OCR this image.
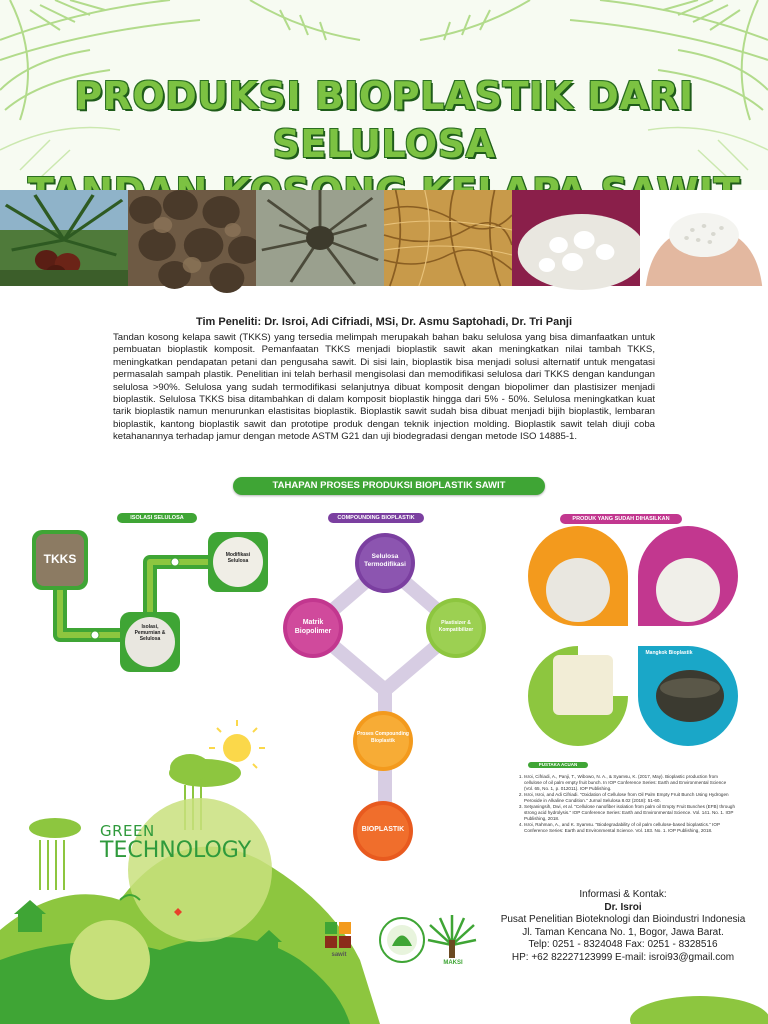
PRODUKSI BIOPLASTIK DARI SELULOSA
Tim Peneliti: Dr. Isroi, Adi Cifriadi, MSi, Dr. Asmu Saptohadi, Dr. Tri Panji
Tandan kosong kelapa sawit (TKKS) yang tersedia melimpah merupakah bahan baku selulosa yang bisa dimanfaatkan untuk pembuatan bioplastik komposit. Pemanfaatan TKKS menjadi bioplastik sawit akan meningkatkan nilai tambah TKKS, meningkatkan pendapatan petani dan pengusaha sawit. Di sisi lain, bioplastik bisa menjadi solusi alternatif untuk mengatasi permasalah sampah plastik. Penelitian ini telah berhasil mengisolasi dan memodifikasi selulosa dari TKKS dengan kandungan selulosa >90%. Selulosa yang sudah termodifikasi selanjutnya dibuat komposit dengan biopolimer dan plastisizer menjadi bioplastik. Selulosa TKKS bisa ditambahkan di dalam komposit bioplastik hingga dari 5% - 50%. Selulosa meningkatkan kuat tarik bioplastik namun menurunkan elastisitas bioplastik. Bioplastik sawit sudah bisa dibuat menjadi bijih bioplastik, lembaran bioplastik, kantong bioplastik sawit dan prototipe produk dengan teknik injection molding. Bioplastik sawit telah diuji coba ketahanannya terhadap jamur dengan metode ASTM G21 dan uji biodegradasi dengan metode ISO 14885-1.
TAHAPAN PROSES PRODUKSI BIOPLASTIK SAWIT
ISOLASI SELULOSA	COMPOUNDING BIOPLASTIK	PRODUK YANG SUDAH DIHASILKAN
TKKS
Isolasi, Pemurnian & Selulosa
Modifikasi Selulosa
Selulosa Termodifikasi
Matrik Biopolimer
Plastisizer & Kompatibilizer
Proses Compounding Bioplastik
BIOPLASTIK
Selulosa Termodifikasi	Bijih Bioplastik Sawit
Kantong Bioplastik	Mangkok Bioplastik
PUSTAKA ACUAN
1. Isroi, Cifriadi, A., Panji, T., Wibowo, N. A., & Syamsu, K. (2017, May). Bioplastic production from cellulose of oil palm empty fruit bunch. In IOP Conference Series: Earth and Environmental Science (Vol. 65, No. 1, p. 012011). IOP Publishing.
2. Isroi, Isroi, and Adi Cifriadi. "Oxidation of Cellulose from Oil Palm Empty Fruit Bunch Using Hydrogen Peroxide in Alkaline Condition." Jurnal Selulosa 8.02 (2018): 51-60.
3. Setyaningsih, Dwi, et al. "Cellulose nanofiber isolation from palm oil Empty Fruit Bunches (EFB) through strong acid hydrolysis." IOP Conference Series: Earth and Environmental Science. Vol. 141. No. 1. IOP Publishing, 2018.
4. Isroi, Rahman, A., and K. Syamsu. "Biodegradability of oil palm cellulose-based bioplastics." IOP Conference Series: Earth and Environmental Science. Vol. 183. No. 1. IOP Publishing, 2018.
GREEN
TECHNOLOGY
sawit
MAKSI
Informasi & Kontak:
Dr. Isroi
Pusat Penelitian Bioteknologi dan Bioindustri Indonesia
Jl. Taman Kencana No. 1, Bogor, Jawa Barat.
Telp: 0251 - 8324048 Fax: 0251 - 8328516
HP: +62 82227123999 E-mail: isroi93@gmail.com
